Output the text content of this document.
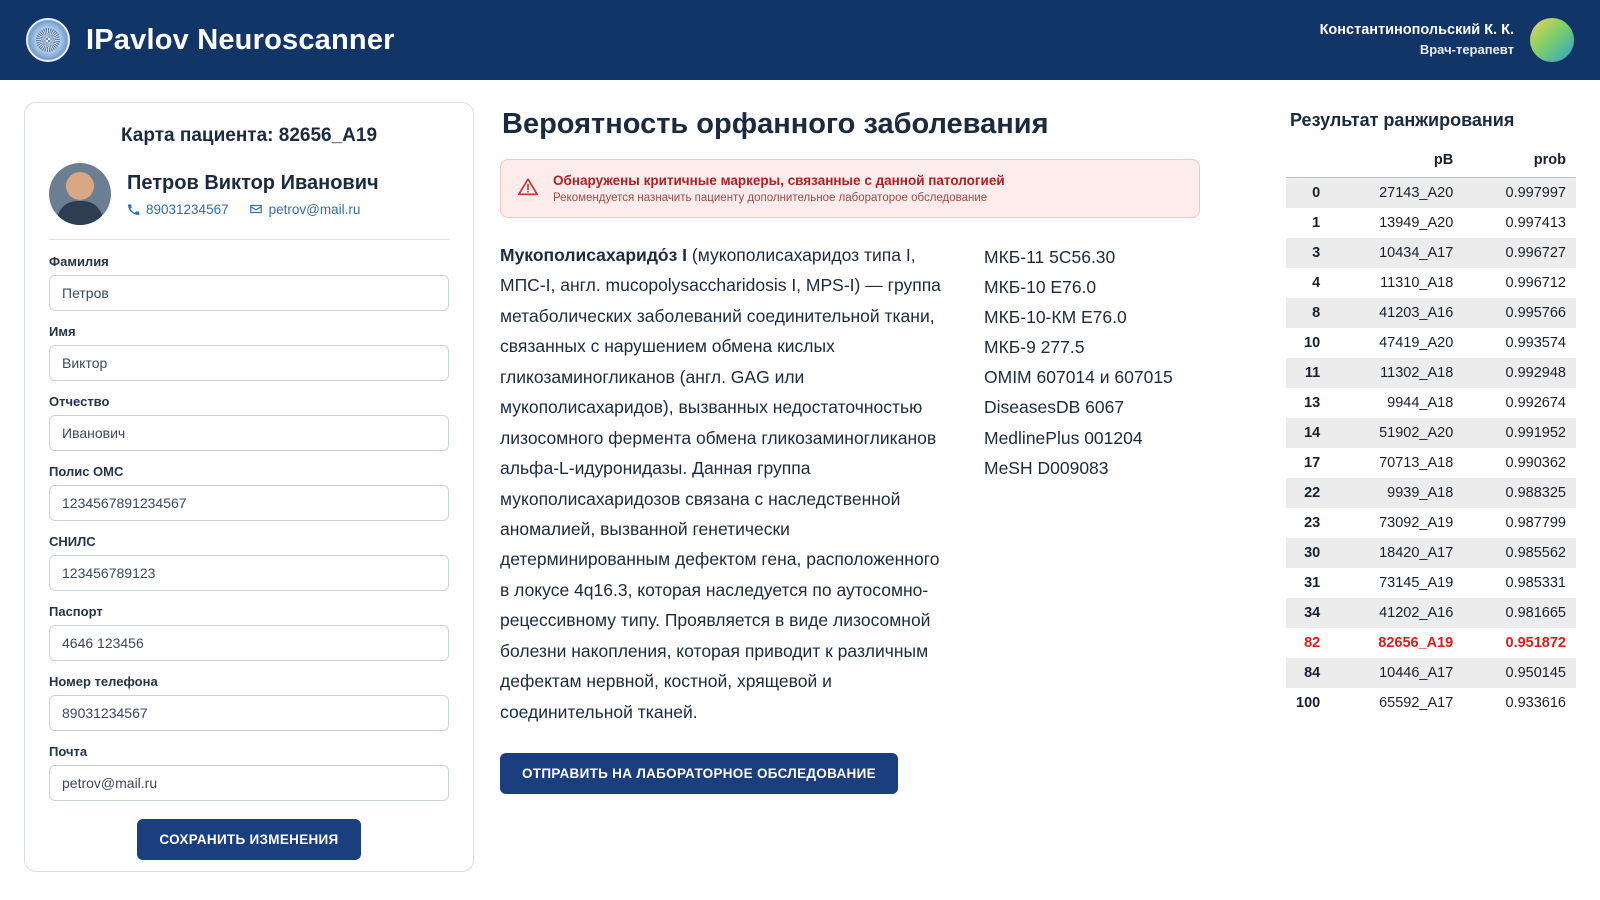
IPavlov Neuroscanner	Константинопольский К. К.
Врач-терапевт
Карта пациента: 82656_A19
Петров Виктор Иванович
89031234567	petrov@mail.ru
Фамилия
Петров
Имя
Виктор
Отчество
Иванович
Полис ОМС
1234567891234567
СНИЛС
123456789123
Паспорт
4646 123456
Номер телефона
89031234567
Почта
petrov@mail.ru
СОХРАНИТЬ ИЗМЕНЕНИЯ
Вероятность орфанного заболевания
Обнаружены критичные маркеры, связанные с данной патологией
Рекомендуется назначить пациенту дополнительное лабораторое обследование
Мукополисахаридо́з I (мукополисахаридоз типа I, МПС-I, англ. mucopolysaccharidosis I, MPS-I) — группа метаболических заболеваний соединительной ткани, связанных с нарушением обмена кислых гликозаминогликанов (англ. GAG или мукополисахаридов), вызванных недостаточностью лизосомного фермента обмена гликозаминогликанов альфа-L-идуронидазы. Данная группа мукополисахаридозов связана с наследственной аномалией, вызванной генетически детерминированным дефектом гена, расположенного в локусе 4q16.3, которая наследуется по аутосомно-рецессивному типу. Проявляется в виде лизосомной болезни накопления, которая приводит к различным дефектам нервной, костной, хрящевой и соединительной тканей.
МКБ-11 5C56.30
МКБ-10 E76.0
МКБ-10-КМ E76.0
МКБ-9 277.5
OMIM 607014 и 607015
DiseasesDB 6067
MedlinePlus 001204
MeSH D009083
ОТПРАВИТЬ НА ЛАБОРАТОРНОЕ ОБСЛЕДОВАНИЕ
Результат ранжирования
	pB	prob
0	27143_A20	0.997997
1	13949_A20	0.997413
3	10434_A17	0.996727
4	11310_A18	0.996712
8	41203_A16	0.995766
10	47419_A20	0.993574
11	11302_A18	0.992948
13	9944_A18	0.992674
14	51902_A20	0.991952
17	70713_A18	0.990362
22	9939_A18	0.988325
23	73092_A19	0.987799
30	18420_A17	0.985562
31	73145_A19	0.985331
34	41202_A16	0.981665
82	82656_A19	0.951872
84	10446_A17	0.950145
100	65592_A17	0.933616
